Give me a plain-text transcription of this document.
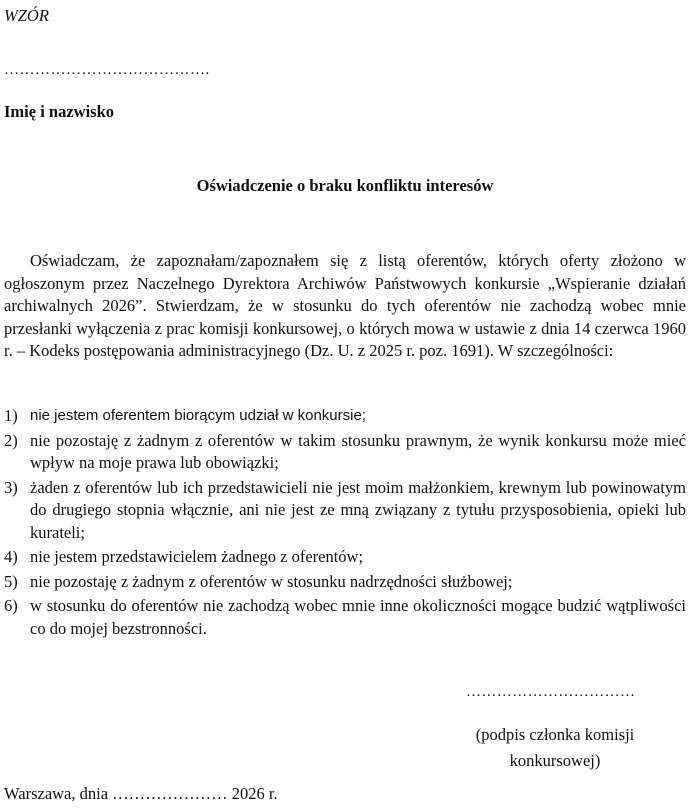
WZÓR
………………………………….
Imię i nazwisko
Oświadczenie o braku konfliktu interesów
Oświadczam, że zapoznałam/zapoznałem się z listą oferentów, których oferty złożono w ogłoszonym przez Naczelnego Dyrektora Archiwów Państwowych konkursie „Wspieranie działań archiwalnych 2026”. Stwierdzam, że w stosunku do tych oferentów nie zachodzą wobec mnie przesłanki wyłączenia z prac komisji konkursowej, o których mowa w ustawie z dnia 14 czerwca 1960 r. – Kodeks postępowania administracyjnego (Dz. U. z 2025 r. poz. 1691). W szczególności:
1) nie jestem oferentem biorącym udział w konkursie;
2) nie pozostaję z żadnym z oferentów w takim stosunku prawnym, że wynik konkursu może mieć wpływ na moje prawa lub obowiązki;
3) żaden z oferentów lub ich przedstawicieli nie jest moim małżonkiem, krewnym lub powinowatym do drugiego stopnia włącznie, ani nie jest ze mną związany z tytułu przysposobienia, opieki lub kurateli;
4) nie jestem przedstawicielem żadnego z oferentów;
5) nie pozostaję z żadnym z oferentów w stosunku nadrzędności służbowej;
6) w stosunku do oferentów nie zachodzą wobec mnie inne okoliczności mogące budzić wątpliwości co do mojej bezstronności.
……………………………
(podpis członka komisji
konkursowej)
Warszawa, dnia ………………… 2026 r.
